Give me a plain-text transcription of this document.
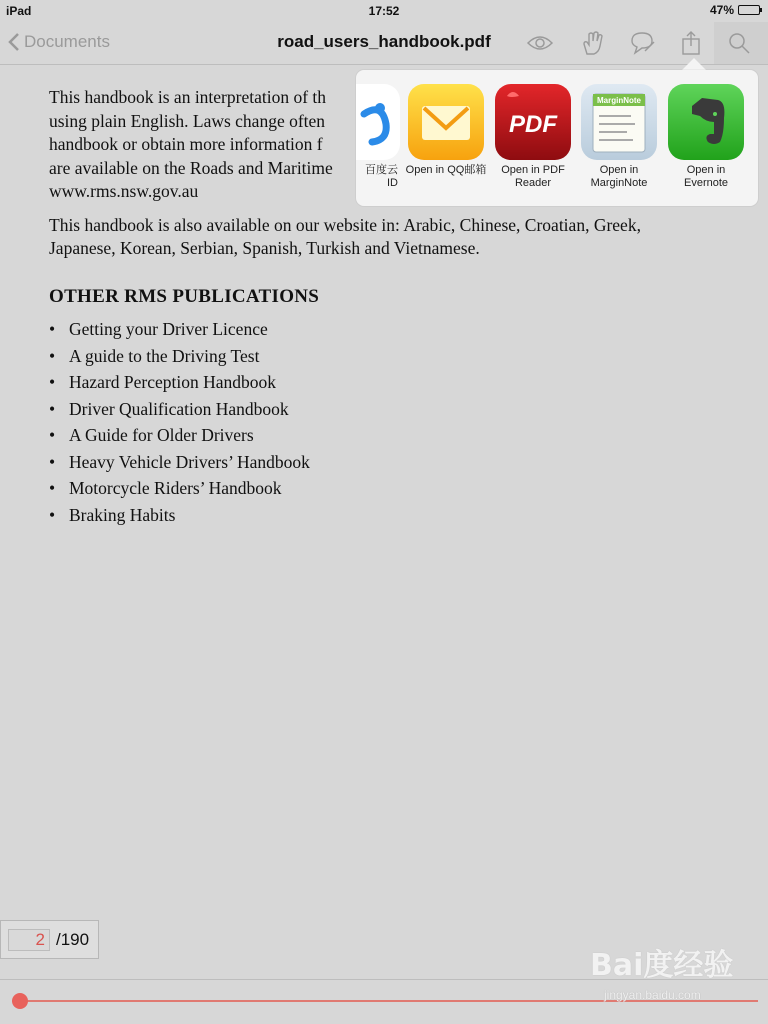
iPad	17:52	47%
Documents	road_users_handbook.pdf

This handbook is an interpretation of th
using plain English. Laws change often
handbook or obtain more information f
are available on the Roads and Maritime
www.rms.nsw.gov.au

This handbook is also available on our website in: Arabic, Chinese, Croatian, Greek, Japanese, Korean, Serbian, Spanish, Turkish and Vietnamese.

OTHER RMS PUBLICATIONS
• Getting your Driver Licence
• A guide to the Driving Test
• Hazard Perception Handbook
• Driver Qualification Handbook
• A Guide for Older Drivers
• Heavy Vehicle Drivers’ Handbook
• Motorcycle Riders’ Handbook
• Braking Habits
百度云
ID
Open in QQ邮箱
PDF
Open in PDF
Reader
MarginNote
Open in
MarginNote
Open in
Evernote
2 /190
Bai度经验
jingyan.baidu.com
